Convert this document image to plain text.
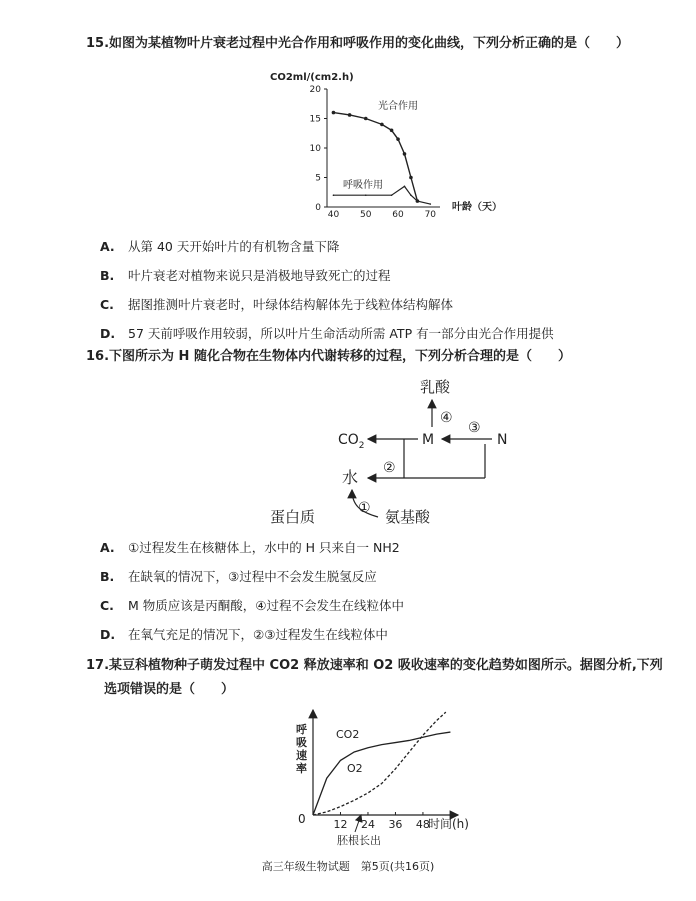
15.如图为某植物叶片衰老过程中光合作用和呼吸作用的变化曲线，下列分析正确的是（　　）
CO2ml/(cm2.h)
0
5
10
15
20
40 50 60 70
光合作用
呼吸作用
叶龄（天）
A. 从第 40 天开始叶片的有机物含量下降
B. 叶片衰老对植物来说只是消极地导致死亡的过程
C. 据图推测叶片衰老时，叶绿体结构解体先于线粒体结构解体
D. 57 天前呼吸作用较弱，所以叶片生命活动所需 ATP 有一部分由光合作用提供
16.下图所示为 H 随化合物在生物体内代谢转移的过程，下列分析合理的是（　　）
乳酸
④
$CO_2$	M
③
N
②
水
①
蛋白质	氨基酸
A. ①过程发生在核糖体上，水中的 H 只来自一 NH2
B. 在缺氧的情况下，③过程中不会发生脱氢反应
C. M 物质应该是丙酮酸，④过程不会发生在线粒体中
D. 在氧气充足的情况下，②③过程发生在线粒体中
17.某豆科植物种子萌发过程中 CO2 释放速率和 O2 吸收速率的变化趋势如图所示。据图分析,下列
选项错误的是（　　）
呼
吸
速
率
12 24 36 48
CO2
O2
时间(h)
胚根长出
0
高三年级生物试题　第5页(共16页)
